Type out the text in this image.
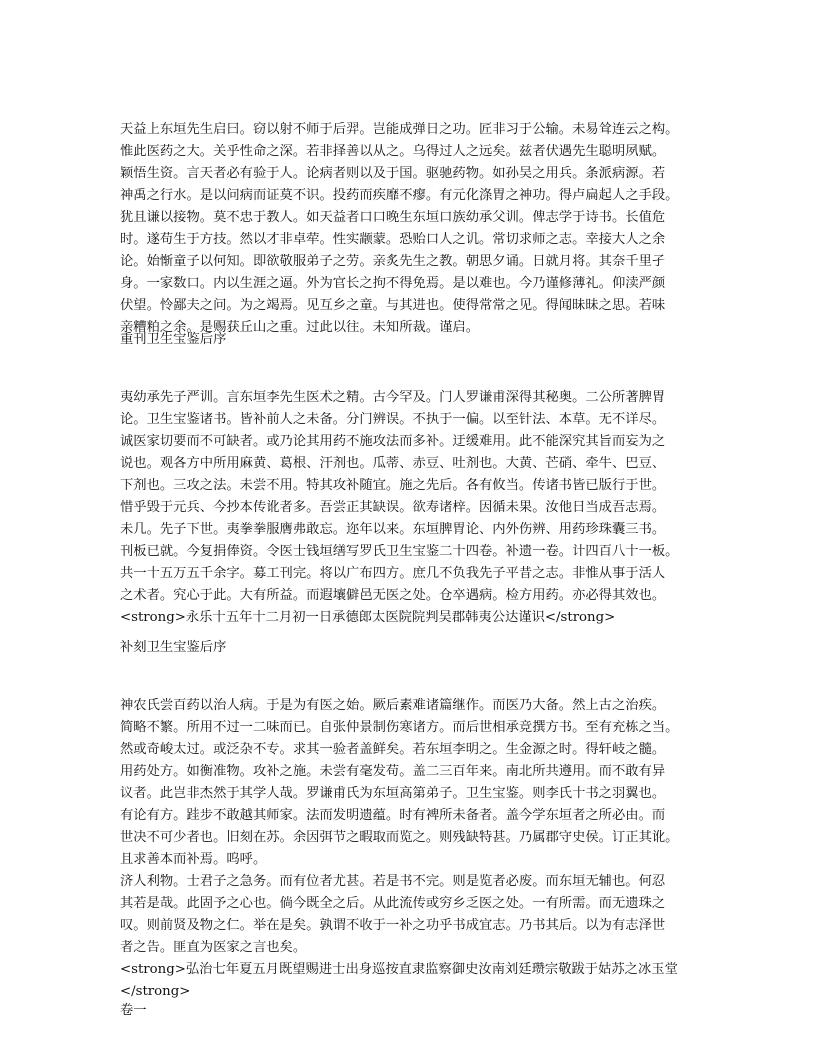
天益上东垣先生启曰。窃以射不师于后羿。岂能成弹日之功。匠非习于公输。未易耸连云之构。
惟此医药之大。关乎性命之深。若非择善以从之。乌得过人之远矣。兹者伏遇先生聪明夙赋。
颖悟生资。言天者必有验于人。论病者则以及于国。驱驰药物。如孙吴之用兵。条派病源。若
神禹之行水。是以问病而证莫不识。投药而疾靡不瘳。有元化涤胃之神功。得卢扁起人之手段。
犹且谦以接物。莫不忠于教人。如天益者口口晚生东垣口族幼承父训。俾志学于诗书。长值危
时。遂苟生于方技。然以才非卓荦。性实颛蒙。恐贻口人之讥。常切求师之志。幸接大人之余
论。始惭童子以何知。即欲敬服弟子之劳。亲炙先生之教。朝思夕诵。日就月将。其奈千里孑
身。一家数口。内以生涯之逼。外为官长之拘不得免焉。是以难也。今乃谨修薄礼。仰渎严颜
伏望。怜鄙夫之问。为之竭焉。见互乡之童。与其进也。使得常常之见。得闻昧昧之思。若味
亲糟粕之余。是赐获丘山之重。过此以往。未知所裁。谨启。
重刊卫生宝鉴后序
夷幼承先子严训。言东垣李先生医术之精。古今罕及。门人罗谦甫深得其秘奥。二公所著脾胃
论。卫生宝鉴诸书。皆补前人之未备。分门辨误。不执于一偏。以至针法、本草。无不详尽。
诚医家切要而不可缺者。或乃论其用药不施攻法而多补。迂缓难用。此不能深究其旨而妄为之
说也。观各方中所用麻黄、葛根、汗剂也。瓜蒂、赤豆、吐剂也。大黄、芒硝、牵牛、巴豆、
下剂也。三攻之法。未尝不用。特其攻补随宜。施之先后。各有攸当。传诸书皆已版行于世。
惜乎毁于元兵、今抄本传讹者多。吾尝正其缺误。欲寿诸梓。因循未果。汝他日当成吾志焉。
未几。先子下世。夷拳拳服膺弗敢忘。迩年以来。东垣脾胃论、内外伤辨、用药珍珠囊三书。
刊板已就。今复捐俸资。令医士钱垣缮写罗氏卫生宝鉴二十四卷。补遗一卷。计四百八十一板。
共一十五万五千余字。募工刊完。将以广布四方。庶几不负我先子平昔之志。非惟从事于活人
之术者。究心于此。大有所益。而遐壤僻邑无医之处。仓卒遇病。检方用药。亦必得其效也。
<strong>永乐十五年十二月初一日承德郎太医院院判吴郡韩夷公达谨识</strong>
补刻卫生宝鉴后序
神农氏尝百药以治人病。于是为有医之始。厥后素难诸篇继作。而医乃大备。然上古之治疾。
简略不繁。所用不过一二味而已。自张仲景制伤寒诸方。而后世相承竞撰方书。至有充栋之当。
然或奇峻太过。或泛杂不专。求其一验者盖鲜矣。若东垣李明之。生金源之时。得轩岐之髓。
用药处方。如衡准物。攻补之施。未尝有毫发苟。盖二三百年来。南北所共遵用。而不敢有异
议者。此岂非杰然于其学人哉。罗谦甫氏为东垣高第弟子。卫生宝鉴。则李氏十书之羽翼也。
有论有方。跬步不敢越其师家。法而发明遗蕴。时有裨所未备者。盖今学东垣者之所必由。而
世决不可少者也。旧刻在苏。余因弭节之暇取而览之。则残缺特甚。乃属郡守史侯。订正其讹。
且求善本而补焉。呜呼。
济人利物。士君子之急务。而有位者尤甚。若是书不完。则是览者必废。而东垣无辅也。何忍
其若是哉。此固予之心也。倘今既全之后。从此流传或穷乡乏医之处。一有所需。而无遗珠之
叹。则前贤及物之仁。举在是矣。孰谓不收于一补之功乎书成宜志。乃书其后。以为有志泽世
者之告。匪直为医家之言也矣。
<strong>弘治七年夏五月既望赐进士出身巡按直隶监察御史汝南刘廷瓒宗敬跋于姑苏之冰玉堂
</strong>
卷一
